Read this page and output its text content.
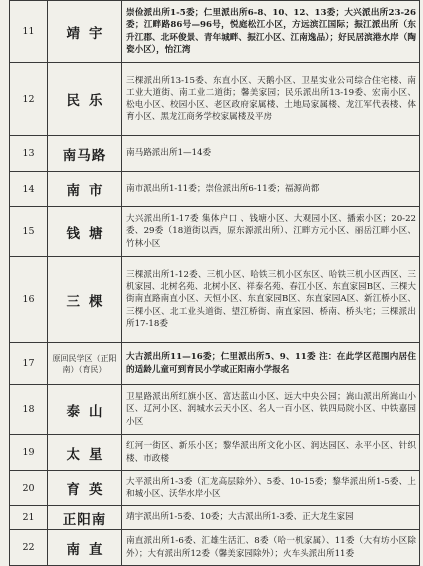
11	靖宇	崇俭派出所1-5委；仁里派出所6-8、10、12、13委；大兴派出所23-26委；江畔路86号—96号，悦庭松江小区，方远滨江国际；振江派出所（东升江郡、北环俊景、青年城畔、振江小区、江南逸品）；好民居滨港水岸（陶瓷小区），怡江湾
12	民乐	三棵派出所13-15委、东直小区、天鹅小区、卫星实业公司综合住宅楼、南工业大道街、南工业二道街；馨美家园；民乐派出所13-19委、宏南小区、松电小区、校园小区、老区政府家属楼、土地局家属楼、龙江军代表楼、体育小区、黑龙江商务学校家属楼及平房
13	南马路	南马路派出所1—14委
14	南市	南市派出所1-11委；崇俭派出所6-11委；福源尚都
15	钱塘	大兴派出所1-17委 集体户口 、钱塘小区、大观园小区、播索小区；20-22委、29委（18道街以西，原东源派出所）、江畔方元小区、丽岳江畔小区、竹林小区
16	三棵	三棵派出所1-12委、三机小区、哈铁三机小区东区、哈铁三机小区西区、三机家园、北树名苑、北树小区、祥泰名苑、春江小区、东直家园B区、三棵大街南直路南直小区、天恒小区、东直家园B区、东直家园A区、新江桥小区、三棵小区、北工业头道街、望江桥街、南直家园、桥南、桥头宅；三棵派出所17-18委
17	原回民学区（正阳南）（育民）	大古派出所11—16委；仁里派出所5、9、11委 注：在此学区范围内居住的适龄儿童可到育民小学或正阳南小学报名
18	泰山	卫星路派出所红旗小区、富达蓝山小区、远大中央公园；嵩山派出所嵩山小区、辽河小区、润城水云天小区、名人一百小区、铁四局院小区、中铁嘉园小区
19	太星	红河一街区、新乐小区；黎华派出所文化小区、润达园区、永平小区、针织楼、市政楼
20	育英	大平派出所1-3委（汇龙高层除外）、5委、10-15委；黎华派出所1-5委、上和城小区、沃华水岸小区
21	正阳南	靖宇派出所1-5委、10委；大古派出所1-3委、正大龙生家园
22	南直	南直派出所1-6委、汇雄生活汇、8委（哈一机家属）、11委（大有坊小区除外）；大有派出所12委（馨美家园除外）；火车头派出所11委
